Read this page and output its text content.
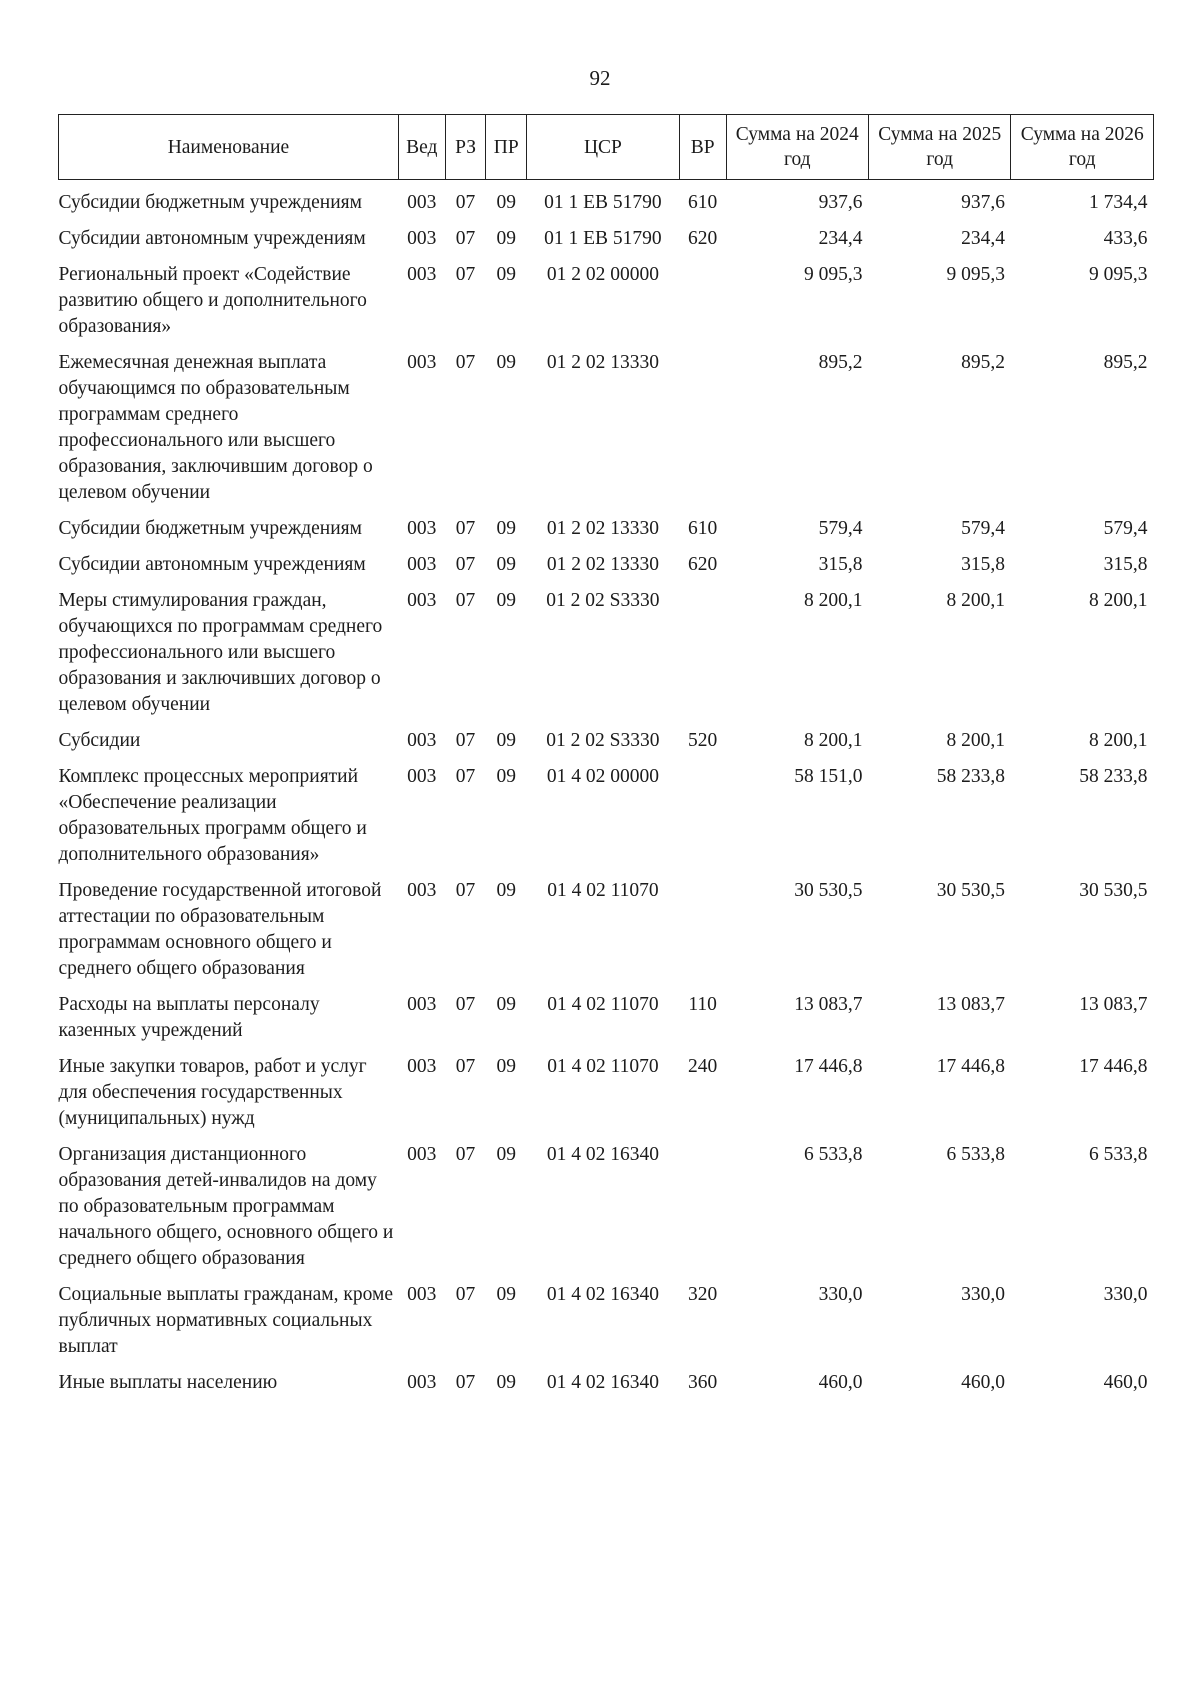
92
Наименование	Вед	РЗ	ПР	ЦСР	ВР	Сумма на 2024 год	Сумма на 2025 год	Сумма на 2026 год
Субсидии бюджетным учреждениям	003	07	09	01 1 ЕВ 51790	610	937,6	937,6	1 734,4
Субсидии автономным учреждениям	003	07	09	01 1 ЕВ 51790	620	234,4	234,4	433,6
Региональный проект «Содействие развитию общего и дополнительного образования»	003	07	09	01 2 02 00000		9 095,3	9 095,3	9 095,3
Ежемесячная денежная выплата обучающимся по образовательным программам среднего профессионального или высшего образования, заключившим договор о целевом обучении	003	07	09	01 2 02 13330		895,2	895,2	895,2
Субсидии бюджетным учреждениям	003	07	09	01 2 02 13330	610	579,4	579,4	579,4
Субсидии автономным учреждениям	003	07	09	01 2 02 13330	620	315,8	315,8	315,8
Меры стимулирования граждан, обучающихся по программам среднего профессионального или высшего образования и заключивших договор о целевом обучении	003	07	09	01 2 02 S3330		8 200,1	8 200,1	8 200,1
Субсидии	003	07	09	01 2 02 S3330	520	8 200,1	8 200,1	8 200,1
Комплекс процессных мероприятий «Обеспечение реализации образовательных программ общего и дополнительного образования»	003	07	09	01 4 02 00000		58 151,0	58 233,8	58 233,8
Проведение государственной итоговой аттестации по образовательным программам основного общего и среднего общего образования	003	07	09	01 4 02 11070		30 530,5	30 530,5	30 530,5
Расходы на выплаты персоналу казенных учреждений	003	07	09	01 4 02 11070	110	13 083,7	13 083,7	13 083,7
Иные закупки товаров, работ и услуг для обеспечения государственных (муниципальных) нужд	003	07	09	01 4 02 11070	240	17 446,8	17 446,8	17 446,8
Организация дистанционного образования детей-инвалидов на дому по образовательным программам начального общего, основного общего и среднего общего образования	003	07	09	01 4 02 16340		6 533,8	6 533,8	6 533,8
Социальные выплаты гражданам, кроме публичных нормативных социальных выплат	003	07	09	01 4 02 16340	320	330,0	330,0	330,0
Иные выплаты населению	003	07	09	01 4 02 16340	360	460,0	460,0	460,0
